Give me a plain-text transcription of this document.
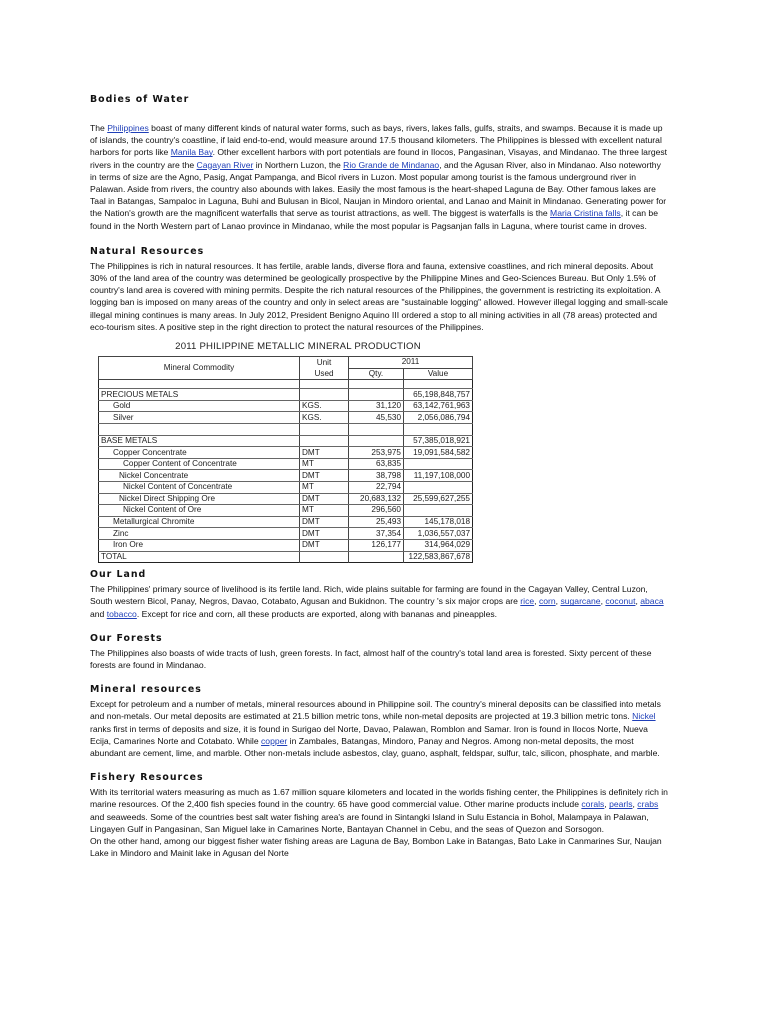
Bodies of Water

The Philippines boast of many different kinds of natural water forms, such as bays, rivers, lakes falls, gulfs, straits, and swamps. Because it is made up of islands, the country's coastline, if laid end-to-end, would measure around 17.5 thousand kilometers. The Philippines is blessed with excellent natural harbors for ports like Manila Bay. Other excellent harbors with port potentials are found in Ilocos, Pangasinan, Visayas, and Mindanao. The three largest rivers in the country are the Cagayan River in Northern Luzon, the Rio Grande de Mindanao, and the Agusan River, also in Mindanao. Also noteworthy in terms of size are the Agno, Pasig, Angat Pampanga, and Bicol rivers in Luzon. Most popular among tourist is the famous underground river in Palawan. Aside from rivers, the country also abounds with lakes. Easily the most famous is the heart-shaped Laguna de Bay. Other famous lakes are Taal in Batangas, Sampaloc in Laguna, Buhi and Bulusan in Bicol, Naujan in Mindoro oriental, and Lanao and Mainit in Mindanao. Generating power for the Nation's growth are the magnificent waterfalls that serve as tourist attractions, as well. The biggest is waterfalls is the Maria Cristina falls, it can be found in the North Western part of Lanao province in Mindanao, while the most popular is Pagsanjan falls in Laguna, where tourist came in droves.

Natural Resources

The Philippines is rich in natural resources. It has fertile, arable lands, diverse flora and fauna, extensive coastlines, and rich mineral deposits. About 30% of the land area of the country was determined be geologically prospective by the Philippine Mines and Geo-Sciences Bureau. But Only 1.5% of country's land area is covered with mining permits. Despite the rich natural resources of the Philippines, the government is restricting its exploitation. A logging ban is imposed on many areas of the country and only in select areas are "sustainable logging" allowed. However illegal logging and small-scale illegal mining continues is many areas. In July 2012, President Benigno Aquino III ordered a stop to all mining activities in all (78 areas) protected and eco-tourism sites. A positive step in the right direction to protect the natural resources of the Philippines.

2011 PHILIPPINE METALLIC MINERAL PRODUCTION
Mineral Commodity	Unit	2011	
	Used	Qty.	Value

PRECIOUS METALS			65,198,848,757
Gold	KGS.	31,120	63,142,761,963
Silver	KGS.	45,530	2,056,086,794

BASE METALS			57,385,018,921
Copper Concentrate	DMT	253,975	19,091,584,582
Copper Content of Concentrate	MT	63,835	
Nickel Concentrate	DMT	38,798	11,197,108,000
Nickel Content of Concentrate	MT	22,794	
Nickel Direct Shipping Ore	DMT	20,683,132	25,599,627,255
Nickel Content of Ore	MT	296,560	
Metallurgical Chromite	DMT	25,493	145,178,018
Zinc	DMT	37,354	1,036,557,037
Iron Ore	DMT	126,177	314,964,029
TOTAL			122,583,867,678
Our Land

The Philippines' primary source of livelihood is its fertile land. Rich, wide plains suitable for farming are found in the Cagayan Valley, Central Luzon, South western Bicol, Panay, Negros, Davao, Cotabato, Agusan and Bukidnon. The country 's six major crops are rice, corn, sugarcane, coconut, abaca and tobacco. Except for rice and corn, all these products are exported, along with bananas and pineapples.

Our Forests

The Philippines also boasts of wide tracts of lush, green forests. In fact, almost half of the country's total land area is forested. Sixty percent of these forests are found in Mindanao.

Mineral resources

Except for petroleum and a number of metals, mineral resources abound in Philippine soil. The country's mineral deposits can be classified into metals and non-metals. Our metal deposits are estimated at 21.5 billion metric tons, while non-metal deposits are projected at 19.3 billion metric tons. Nickel ranks first in terms of deposits and size, it is found in Surigao del Norte, Davao, Palawan, Romblon and Samar. Iron is found in Ilocos Norte, Nueva Ecija, Camarines Norte and Cotabato. While copper in Zambales, Batangas, Mindoro, Panay and Negros. Among non-metal deposits, the most abundant are cement, lime, and marble. Other non-metals include asbestos, clay, guano, asphalt, feldspar, sulfur, talc, silicon, phosphate, and marble.

Fishery Resources

With its territorial waters measuring as much as 1.67 million square kilometers and located in the worlds fishing center, the Philippines is definitely rich in marine resources. Of the 2,400 fish species found in the country. 65 have good commercial value. Other marine products include corals, pearls, crabs and seaweeds. Some of the countries best salt water fishing area's are found in Sintangki Island in Sulu Estancia in Bohol, Malampaya in Palawan, Lingayen Gulf in Pangasinan, San Miguel lake in Camarines Norte, Bantayan Channel in Cebu, and the seas of Quezon and Sorsogon.

On the other hand, among our biggest fisher water fishing areas are Laguna de Bay, Bombon Lake in Batangas, Bato Lake in Canmarines Sur, Naujan Lake in Mindoro and Mainit lake in Agusan del Norte
